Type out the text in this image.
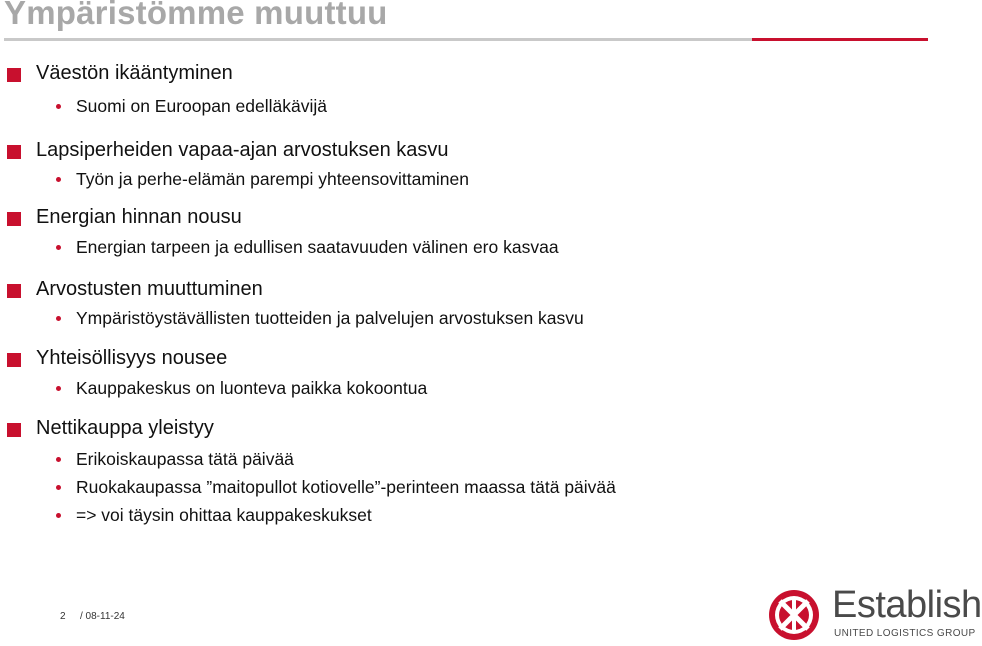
Ympäristömme muuttuu
Väestön ikääntyminen
Suomi on Euroopan edelläkävijä
Lapsiperheiden vapaa-ajan arvostuksen kasvu
Työn ja perhe-elämän parempi yhteensovittaminen
Energian hinnan nousu
Energian tarpeen ja edullisen saatavuuden välinen ero kasvaa
Arvostusten muuttuminen
Ympäristöystävällisten tuotteiden ja palvelujen arvostuksen kasvu
Yhteisöllisyys nousee
Kauppakeskus on luonteva paikka kokoontua
Nettikauppa yleistyy
Erikoiskaupassa tätä päivää
Ruokakaupassa ”maitopullot kotiovelle”-perinteen maassa tätä päivää
=> voi täysin ohittaa kauppakeskukset
2 / 08-11-24	Establish
UNITED LOGISTICS GROUP
